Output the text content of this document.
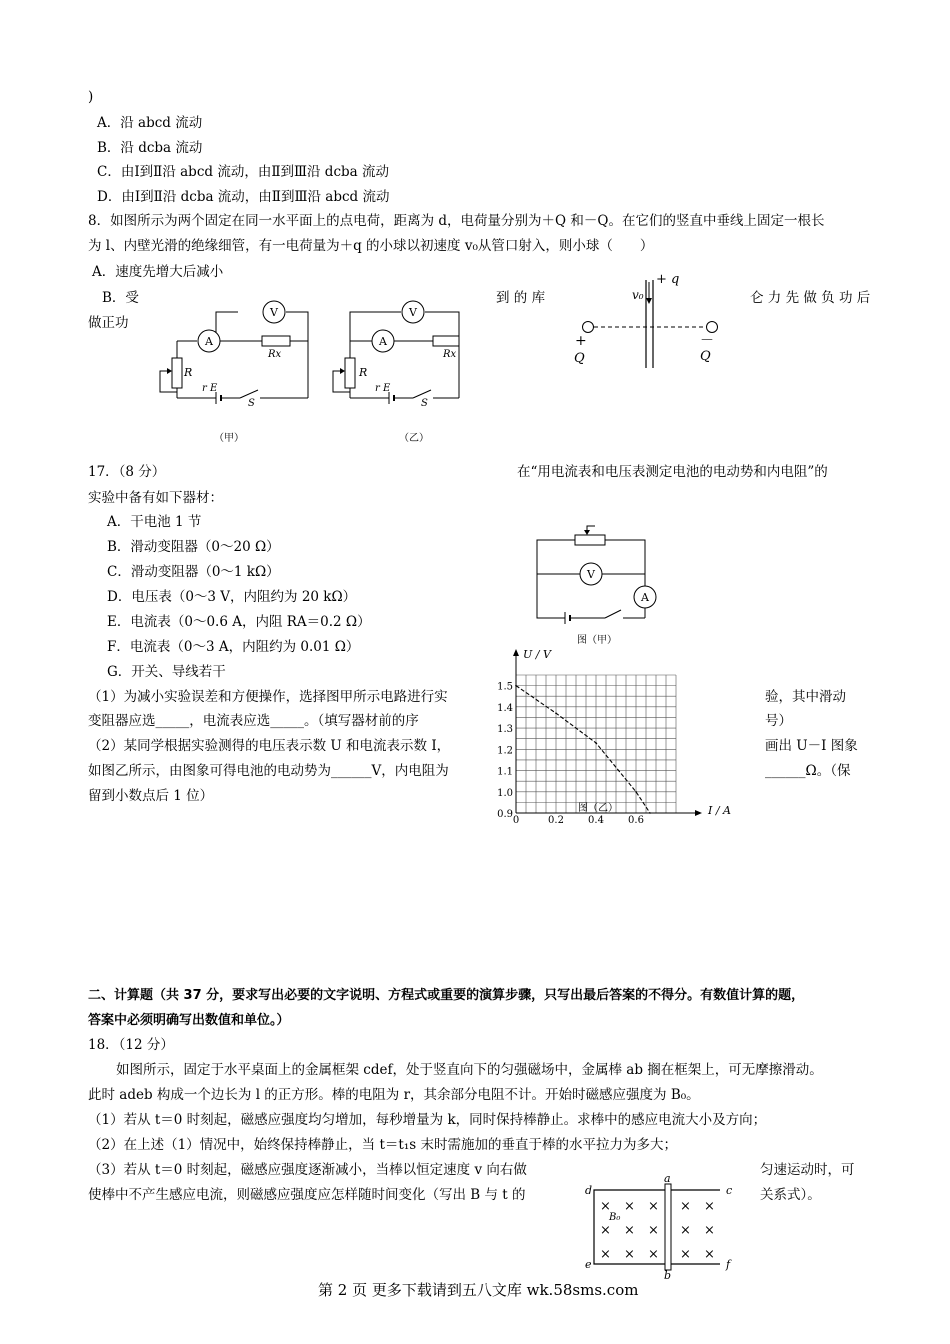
)
A．沿 abcd 流动
B．沿 dcba 流动
C．由Ⅰ到Ⅱ沿 abcd 流动，由Ⅱ到Ⅲ沿 dcba 流动
D．由Ⅰ到Ⅱ沿 dcba 流动，由Ⅱ到Ⅲ沿 abcd 流动
8．如图所示为两个固定在同一水平面上的点电荷，距离为 d，电荷量分别为＋Q 和－Q。在它们的竖直中垂线上固定一根长
为 l、内壁光滑的绝缘细管，有一电荷量为＋q 的小球以初速度 v₀从管口射入，则小球（　　）
A．速度先增大后减小
B．受	到 的 库	仑 力 先 做 负 功 后
做正功
+ q
v₀
+	－
Q	Q
V
A
Rx
R
r E
S
（甲）
V
A
Rx
R
r E
S
（乙）
17．（8 分）	在“用电流表和电压表测定电池的电动势和内电阻”的
实验中备有如下器材：
A．干电池 1 节
B．滑动变阻器（0～20 Ω）
C．滑动变阻器（0～1 kΩ）
D．电压表（0～3 V，内阻约为 20 kΩ）
E．电流表（0～0.6 A，内阻 RA＝0.2 Ω）
F．电流表（0～3 A，内阻约为 0.01 Ω）
G．开关、导线若干
（1）为减小实验误差和方便操作，选择图甲所示电路进行实	验，其中滑动
变阻器应选_____，电流表应选_____。（填写器材前的序	号）
（2）某同学根据实验测得的电压表示数 U 和电流表示数 I，	画出 U－I 图象
如图乙所示，由图象可得电池的电动势为______V，内电阻为	______Ω。（保
留到小数点后 1 位）
V
A
图（甲）
0.9
1.0
1.1
1.2
1.3
1.4
1.5
0	0.2 0.4 0.6
U / V
I / A
图（乙）
二、计算题（共 37 分，要求写出必要的文字说明、方程式或重要的演算步骤，只写出最后答案的不得分。有数值计算的题，
答案中必须明确写出数值和单位。）
18．（12 分）
如图所示，固定于水平桌面上的金属框架 cdef，处于竖直向下的匀强磁场中，金属棒 ab 搁在框架上，可无摩擦滑动。
此时 adeb 构成一个边长为 l 的正方形。棒的电阻为 r，其余部分电阻不计。开始时磁感应强度为 B₀。
（1）若从 t＝0 时刻起，磁感应强度均匀增加，每秒增量为 k，同时保持棒静止。求棒中的感应电流大小及方向；
（2）在上述（1）情况中，始终保持棒静止，当 t＝t₁s 末时需施加的垂直于棒的水平拉力为多大；
（3）若从 t＝0 时刻起，磁感应强度逐渐减小，当棒以恒定速度 v 向右做	匀速运动时，可
使棒中不产生感应电流，则磁感应强度应怎样随时间变化（写出 B 与 t 的	关系式）。
× × × × ×
× × × × ×
× × × × ×
a
b
c
d
e	f
B₀
第 2 页 更多下载请到五八文库 wk.58sms.com
